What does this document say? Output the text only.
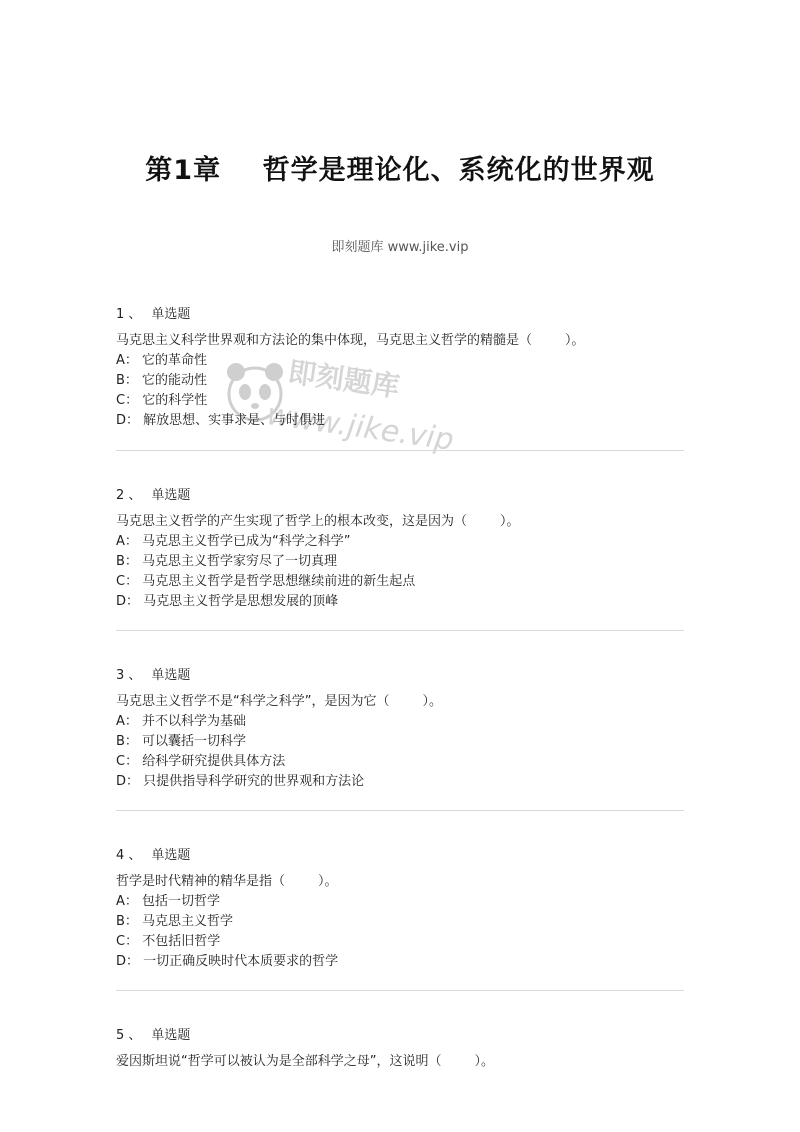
第1章    哲学是理论化、系统化的世界观
即刻题库 www.jike.vip
即刻题库
www.jike.vip
1 、 单选题
马克思主义科学世界观和方法论的集中体现，马克思主义哲学的精髓是（        ）。
A： 它的革命性
B： 它的能动性
C： 它的科学性
D： 解放思想、实事求是、与时俱进
2 、 单选题
马克思主义哲学的产生实现了哲学上的根本改变，这是因为（        ）。
A： 马克思主义哲学已成为“科学之科学”
B： 马克思主义哲学家穷尽了一切真理
C： 马克思主义哲学是哲学思想继续前进的新生起点
D： 马克思主义哲学是思想发展的顶峰
3 、 单选题
马克思主义哲学不是“科学之科学”，是因为它（        ）。
A： 并不以科学为基础
B： 可以囊括一切科学
C： 给科学研究提供具体方法
D： 只提供指导科学研究的世界观和方法论
4 、 单选题
哲学是时代精神的精华是指（        ）。
A： 包括一切哲学
B： 马克思主义哲学
C： 不包括旧哲学
D： 一切正确反映时代本质要求的哲学
5 、 单选题
爱因斯坦说“哲学可以被认为是全部科学之母”，这说明（        ）。
